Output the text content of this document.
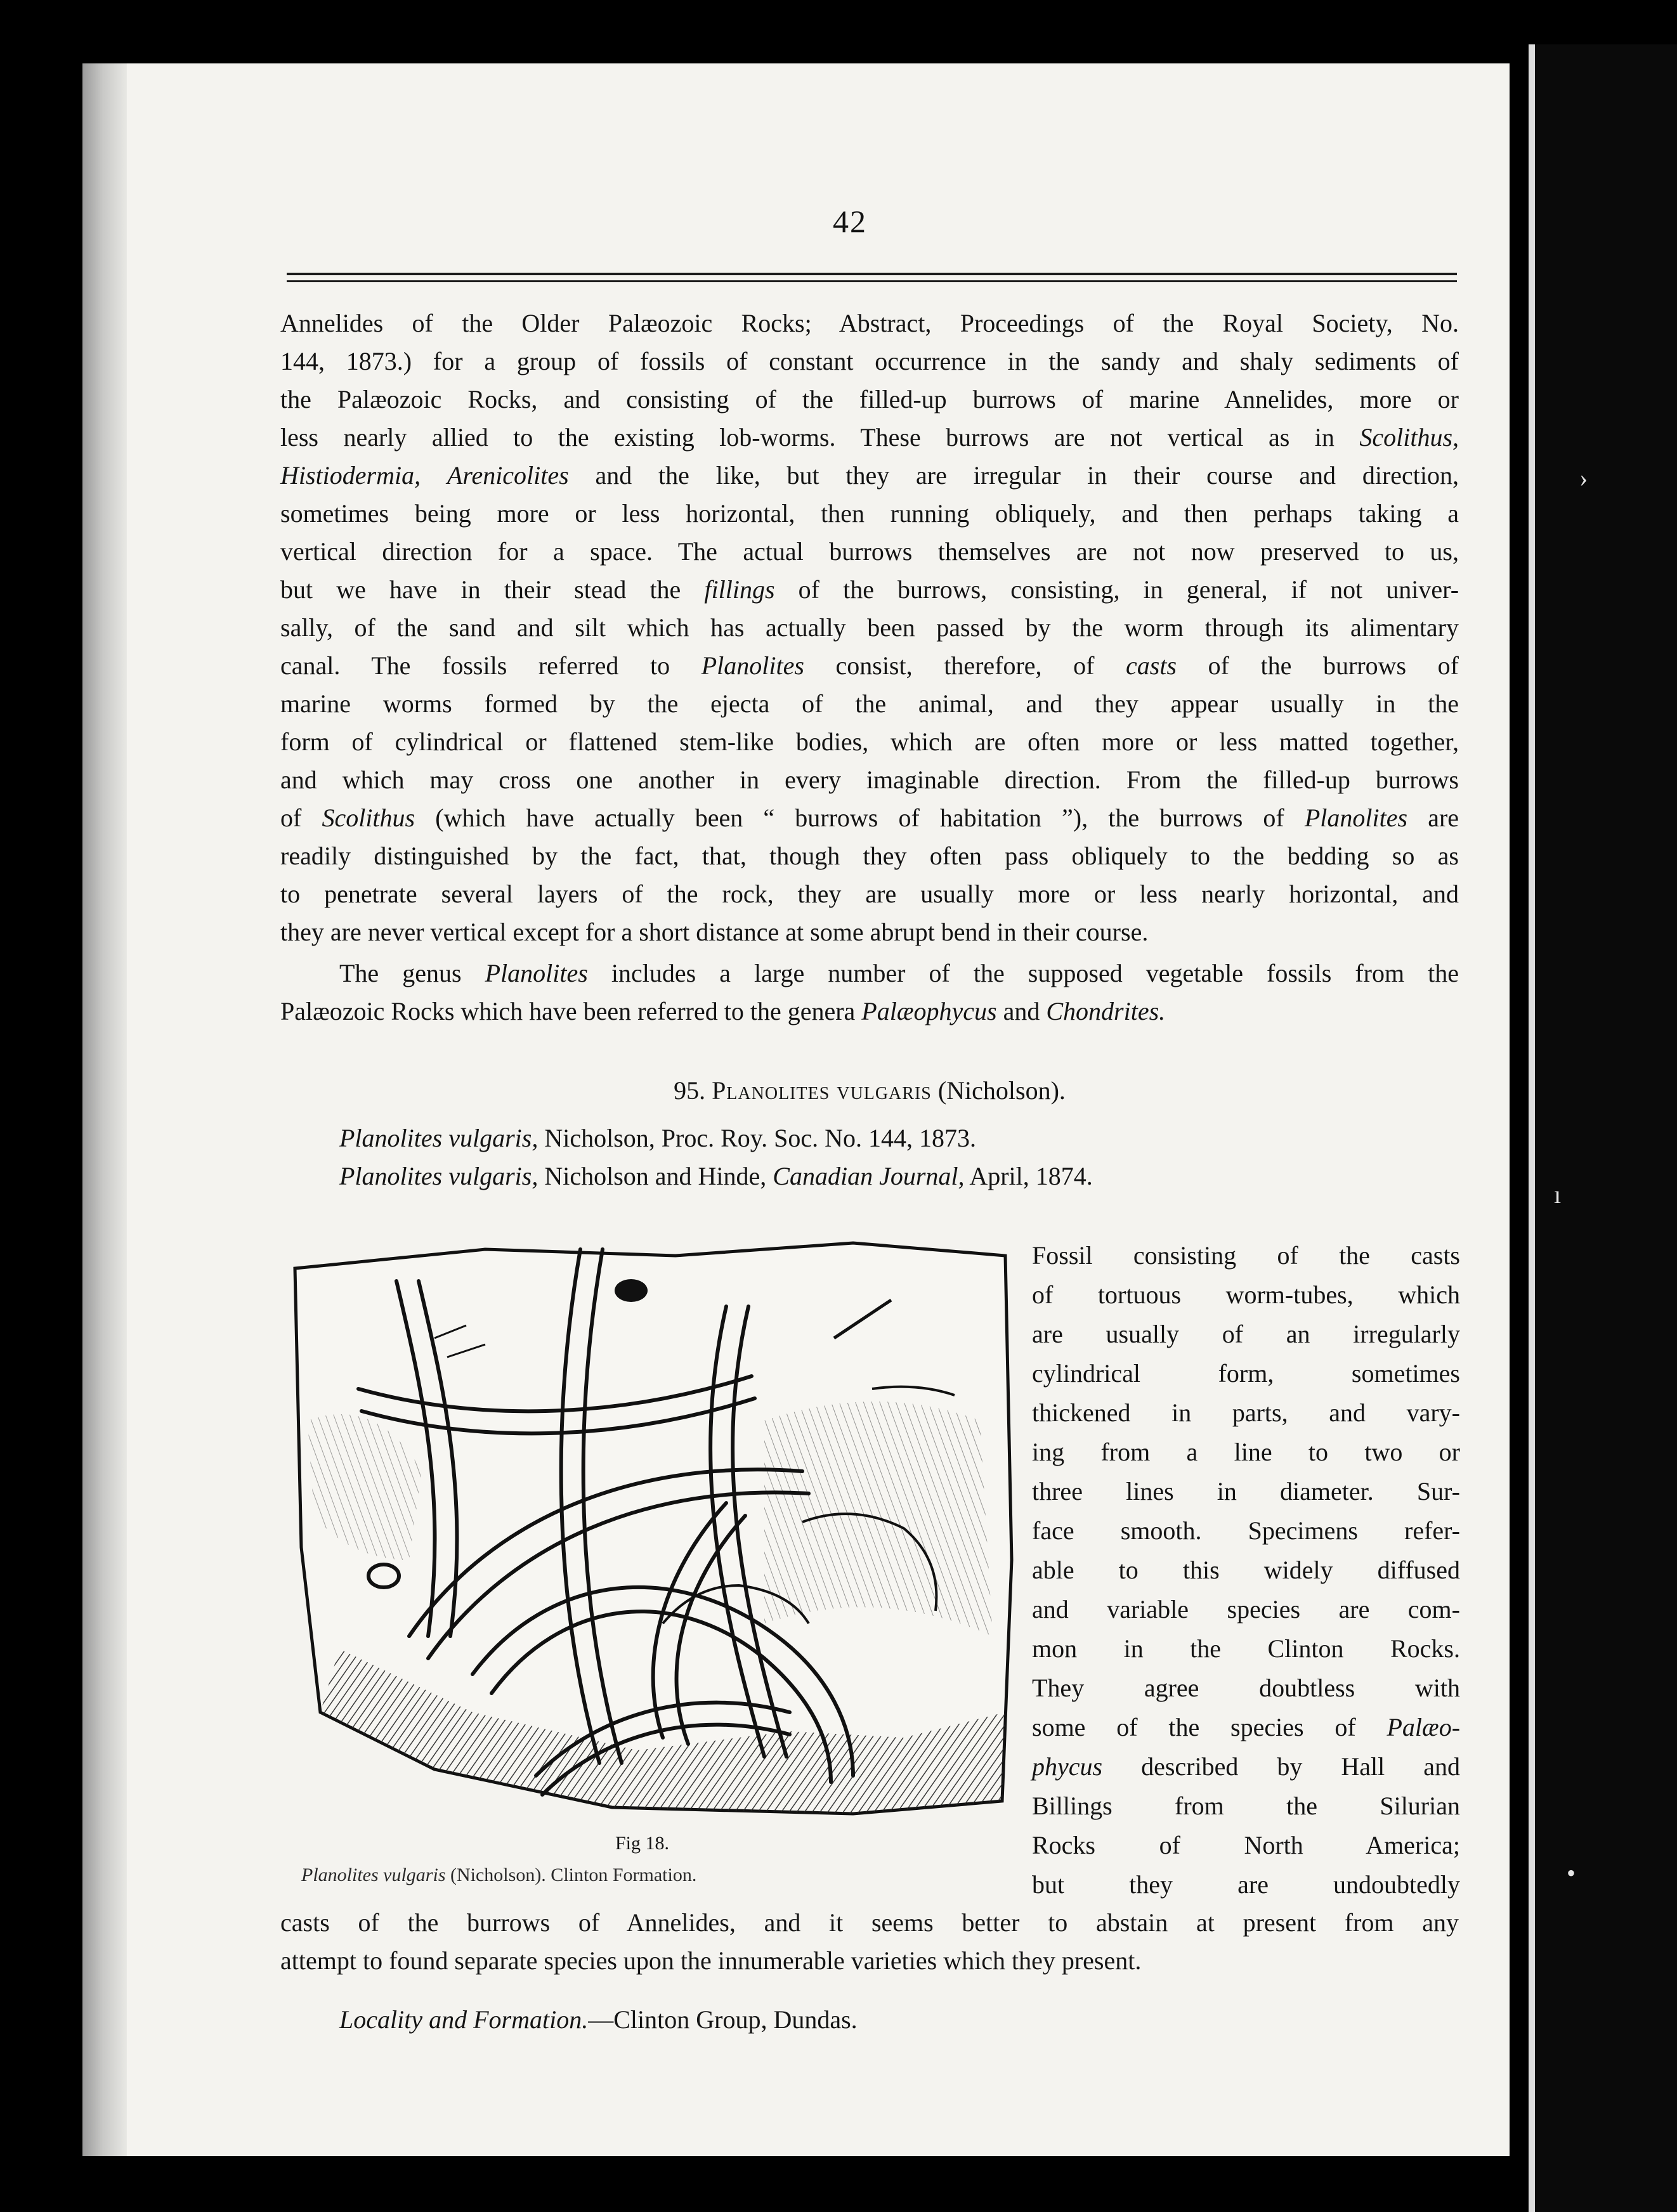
42
Annelides of the Older Palæozoic Rocks; Abstract, Proceedings of the Royal Society, No.
144, 1873.) for a group of fossils of constant occurrence in the sandy and shaly sediments of
the Palæozoic Rocks, and consisting of the filled-up burrows of marine Annelides, more or
less nearly allied to the existing lob-worms. These burrows are not vertical as in Scolithus,
Histiodermia, Arenicolites and the like, but they are irregular in their course and direction,
sometimes being more or less horizontal, then running obliquely, and then perhaps taking a
vertical direction for a space. The actual burrows themselves are not now preserved to us,
but we have in their stead the fillings of the burrows, consisting, in general, if not univer-
sally, of the sand and silt which has actually been passed by the worm through its alimentary
canal. The fossils referred to Planolites consist, therefore, of casts of the burrows of
marine worms formed by the ejecta of the animal, and they appear usually in the
form of cylindrical or flattened stem-like bodies, which are often more or less matted together,
and which may cross one another in every imaginable direction. From the filled-up burrows
of Scolithus (which have actually been “ burrows of habitation ”), the burrows of Planolites are
readily distinguished by the fact, that, though they often pass obliquely to the bedding so as
to penetrate several layers of the rock, they are usually more or less nearly horizontal, and
they are never vertical except for a short distance at some abrupt bend in their course.
The genus Planolites includes a large number of the supposed vegetable fossils from the
Palæozoic Rocks which have been referred to the genera Palæophycus and Chondrites.
95. Planolites vulgaris (Nicholson).
Planolites vulgaris, Nicholson, Proc. Roy. Soc. No. 144, 1873.
Planolites vulgaris, Nicholson and Hinde, Canadian Journal, April, 1874.
Fig 18.
Planolites vulgaris (Nicholson). Clinton Formation.
Fossil consisting of the casts
of tortuous worm-tubes, which
are usually of an irregularly
cylindrical form, sometimes
thickened in parts, and vary-
ing from a line to two or
three lines in diameter. Sur-
face smooth. Specimens refer-
able to this widely diffused
and variable species are com-
mon in the Clinton Rocks.
They agree doubtless with
some of the species of Palæo-
phycus described by Hall and
Billings from the Silurian
Rocks of North America;
but they are undoubtedly
casts of the burrows of Annelides, and it seems better to abstain at present from any
attempt to found separate species upon the innumerable varieties which they present.
Locality and Formation.—Clinton Group, Dundas.
›
ı
•
